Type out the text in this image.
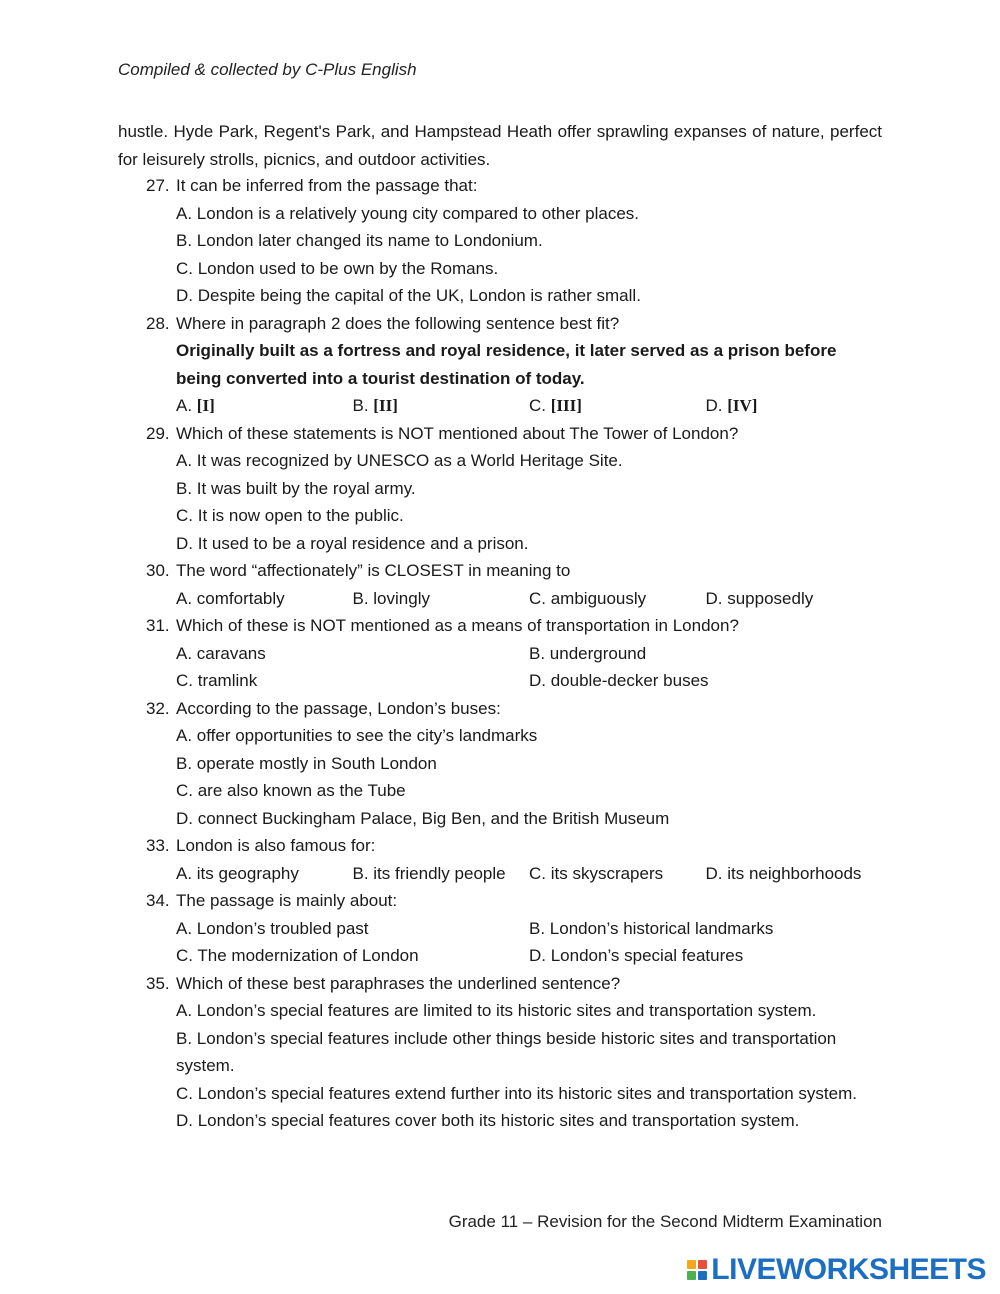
Compiled & collected by C-Plus English
hustle. Hyde Park, Regent's Park, and Hampstead Heath offer sprawling expanses of nature, perfect for leisurely strolls, picnics, and outdoor activities.
27. It can be inferred from the passage that:
A. London is a relatively young city compared to other places.
B. London later changed its name to Londonium.
C. London used to be own by the Romans.
D. Despite being the capital of the UK, London is rather small.
28. Where in paragraph 2 does the following sentence best fit?
Originally built as a fortress and royal residence, it later served as a prison before
being converted into a tourist destination of today.
A. [I]	B. [II]	C. [III]	D. [IV]
29. Which of these statements is NOT mentioned about The Tower of London?
A. It was recognized by UNESCO as a World Heritage Site.
B. It was built by the royal army.
C. It is now open to the public.
D. It used to be a royal residence and a prison.
30. The word “affectionately” is CLOSEST in meaning to
A. comfortably	B. lovingly	C. ambiguously	D. supposedly
31. Which of these is NOT mentioned as a means of transportation in London?
A. caravans	B. underground
C. tramlink	D. double-decker buses
32. According to the passage, London’s buses:
A. offer opportunities to see the city’s landmarks
B. operate mostly in South London
C. are also known as the Tube
D. connect Buckingham Palace, Big Ben, and the British Museum
33. London is also famous for:
A. its geography	B. its friendly people	C. its skyscrapers	D. its neighborhoods
34. The passage is mainly about:
A. London’s troubled past	B. London’s historical landmarks
C. The modernization of London	D. London’s special features
35. Which of these best paraphrases the underlined sentence?
A. London’s special features are limited to its historic sites and transportation system.
B. London’s special features include other things beside historic sites and transportation system.
C. London’s special features extend further into its historic sites and transportation system.
D. London’s special features cover both its historic sites and transportation system.
Grade 11 – Revision for the Second Midterm Examination
LIVEWORKSHEETS
